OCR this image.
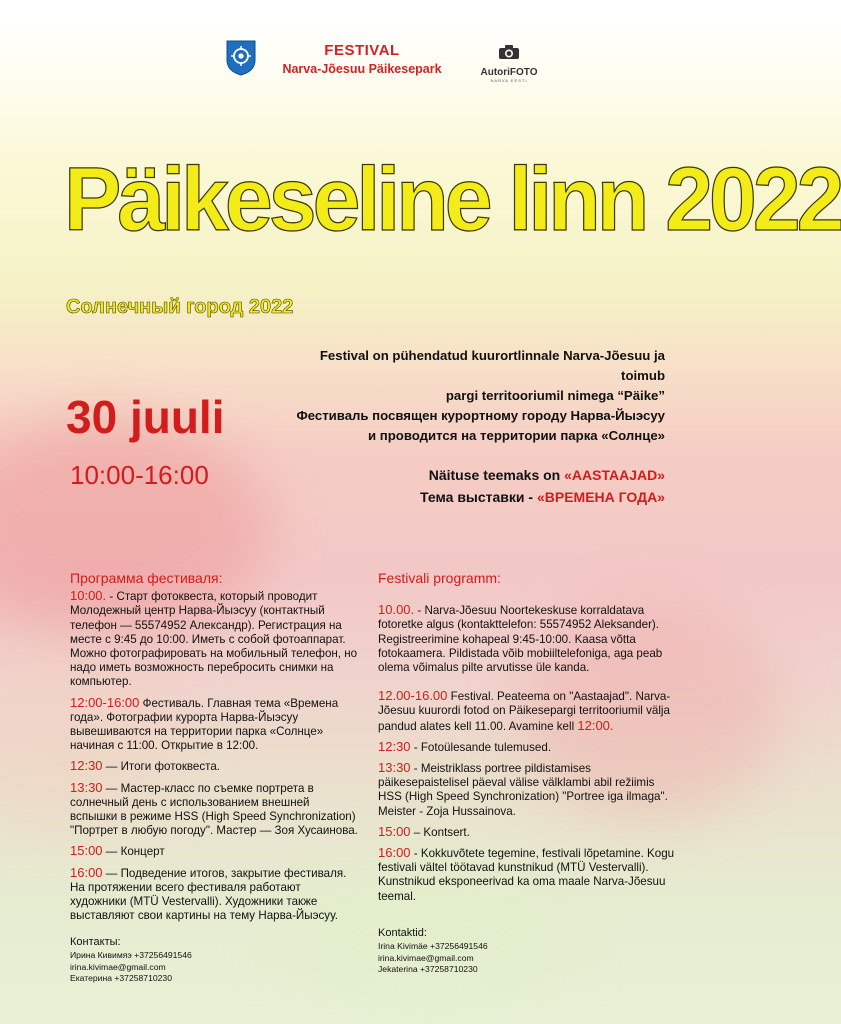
FESTIVAL
Narva-Jõesuu Päikesepark	AutoriFOTO
NARVA EESTI
Päikeseline linn 2022
Солнечный город 2022
Festival on pühendatud kuurortlinnale Narva-Jõesuu ja toimub
pargi territooriumil nimega “Päike”
Фестиваль посвящен курортному городу Нарва-Йыэсуу
и проводится на территории парка «Солнце»
30 juuli
10:00-16:00	Näituse teemaks on «AASTAAJAD»
Тема выставки - «ВРЕМЕНА ГОДА»
Программа фестиваля:
10:00. - Старт фотоквеста, который проводит Молодежный центр Нарва-Йыэсуу (контактный телефон — 55574952 Александр). Регистрация на месте с 9:45 до 10:00. Иметь с собой фотоаппарат. Можно фотографировать на мобильный телефон, но надо иметь возможность перебросить снимки на компьютер.
12:00-16:00 Фестиваль. Главная тема «Времена года». Фотографии курорта Нарва-Йыэсуу вывешиваются на территории парка «Солнце» начиная с 11:00. Открытие в 12:00.
12:30 — Итоги фотоквеста.
13:30 — Мастер-класс по съемке портрета в солнечный день с использованием внешней вспышки в режиме HSS (High Speed Synchronization) "Портрет в любую погоду". Мастер — Зоя Хусаинова.
15:00 — Концерт
16:00 — Подведение итогов, закрытие фестиваля. На протяжении всего фестиваля работают художники (МТÜ Vestervalli). Художники также выставляют свои картины на тему Нарва-Йыэсуу.
Festivali programm:
10.00. - Narva-Jõesuu Noortekeskuse korraldatava fotoretke algus (kontakttelefon: 55574952 Aleksander). Registreerimine kohapeal 9:45-10:00. Kaasa võtta fotokaamera. Pildistada võib mobiiltelefoniga, aga peab olema võimalus pilte arvutisse üle kanda.
12.00-16.00 Festival. Peateema on "Aastaajad". Narva-Jõesuu kuurordi fotod on Päikesepargi territooriumil välja pandud alates kell 11.00. Avamine kell 12:00.
12:30 - Fotoülesande tulemused.
13:30 - Meistriklass portree pildistamises päikesepaistelisel päeval välise välklambi abil režiimis HSS (High Speed Synchronization) "Portree iga ilmaga". Meister - Zoja Hussainova.
15:00 – Kontsert.
16:00 - Kokkuvõtete tegemine, festivali lõpetamine. Kogu festivali vältel töötavad kunstnikud (MTÜ Vestervalli). Kunstnikud eksponeerivad ka oma maale Narva-Jõesuu teemal.
Контакты:
Ирина Кивимяэ +37256491546
irina.kivimae@gmail.com
Екатерина +37258710230
Kontaktid:
Irina Kivimäe +37256491546
irina.kivimae@gmail.com
Jekaterina +37258710230
